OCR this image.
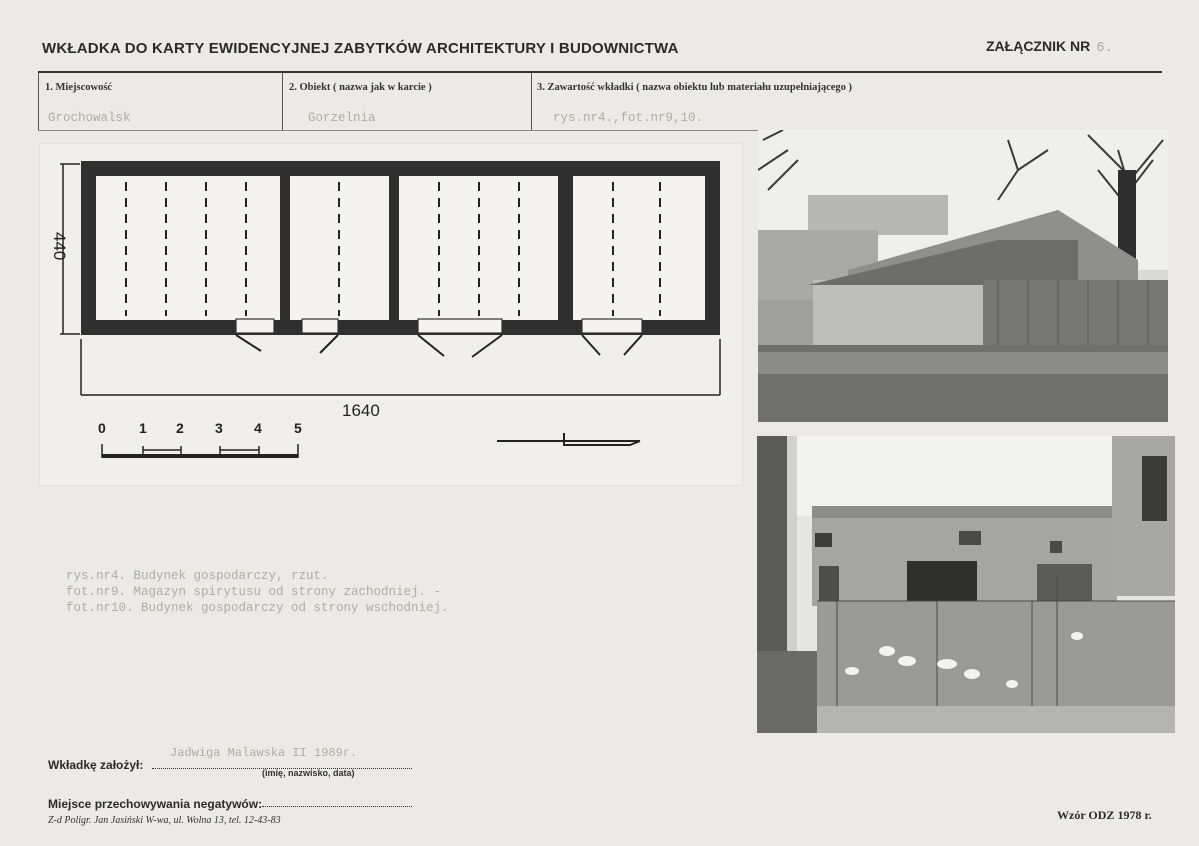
WKŁADKA DO KARTY EWIDENCYJNEJ ZABYTKÓW ARCHITEKTURY I BUDOWNICTWA	ZAŁĄCZNIK NR 6.
1. Miejscowość	2. Obiekt ( nazwa jak w karcie )	3. Zawartość wkładki ( nazwa obiektu lub materiału uzupełniającego )
Grochowalsk	Gorzelnia	rys.nr4.,fot.nr9,10.
440
1640
0 1 2 3 4 5
rys.nr4. Budynek gospodarczy, rzut.
fot.nr9. Magazyn spirytusu od strony zachodniej. -
fot.nr10. Budynek gospodarczy od strony wschodniej.
Wkładkę założył:
Jadwiga Malawska II 1989r.
(imię, nazwisko, data)
Miejsce przechowywania negatywów:
Z-d Poligr. Jan Jasiński W-wa, ul. Wolna 13, tel. 12-43-83	Wzór ODZ 1978 r.
